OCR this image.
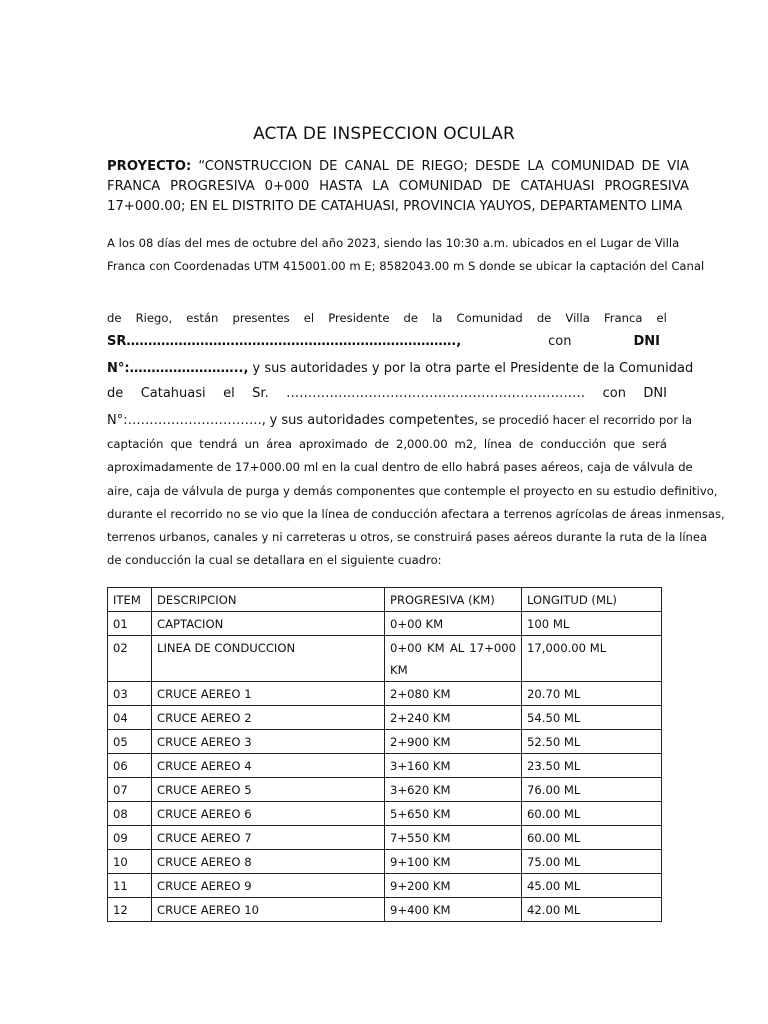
ACTA DE INSPECCION OCULAR
PROYECTO: “CONSTRUCCION DE CANAL DE RIEGO; DESDE LA COMUNIDAD DE VIA FRANCA PROGRESIVA 0+000 HASTA LA COMUNIDAD DE CATAHUASI PROGRESIVA 17+000.00; EN EL DISTRITO DE CATAHUASI, PROVINCIA YAUYOS, DEPARTAMENTO LIMA
A los 08 días del mes de octubre del año 2023, siendo las 10:30 a.m. ubicados en el Lugar de Villa
Franca con Coordenadas UTM 415001.00 m E; 8582043.00 m S donde se ubicar la captación del Canal
de Riego, están presentes el Presidente de la Comunidad de Villa Franca el
SR………………………………………………………………….,	con	DNI
N°:…………………….., y sus autoridades y por la otra parte el Presidente de la Comunidad
de Catahuasi el Sr. …………………………………………………………… con DNI
N°:…………………………., y sus autoridades competentes, se procedió hacer el recorrido por la
captación que tendrá un área aproximado de 2,000.00 m2, línea de conducción que será
aproximadamente de 17+000.00 ml en la cual dentro de ello habrá pases aéreos, caja de válvula de
aire, caja de válvula de purga y demás componentes que contemple el proyecto en su estudio definitivo,
durante el recorrido no se vio que la línea de conducción afectara a terrenos agrícolas de áreas inmensas,
terrenos urbanos, canales y ni carreteras u otros, se construirá pases aéreos durante la ruta de la línea
de conducción la cual se detallara en el siguiente cuadro:
ITEM	DESCRIPCION	PROGRESIVA (KM)	LONGITUD (ML)
01	CAPTACION	0+00 KM	100 ML
02	LINEA DE CONDUCCION	0+00 KM AL 17+000 KM	17,000.00 ML
03	CRUCE AEREO 1	2+080 KM	20.70 ML
04	CRUCE AEREO 2	2+240 KM	54.50 ML
05	CRUCE AEREO 3	2+900 KM	52.50 ML
06	CRUCE AEREO 4	3+160 KM	23.50 ML
07	CRUCE AEREO 5	3+620 KM	76.00 ML
08	CRUCE AEREO 6	5+650 KM	60.00 ML
09	CRUCE AEREO 7	7+550 KM	60.00 ML
10	CRUCE AEREO 8	9+100 KM	75.00 ML
11	CRUCE AEREO 9	9+200 KM	45.00 ML
12	CRUCE AEREO 10	9+400 KM	42.00 ML
